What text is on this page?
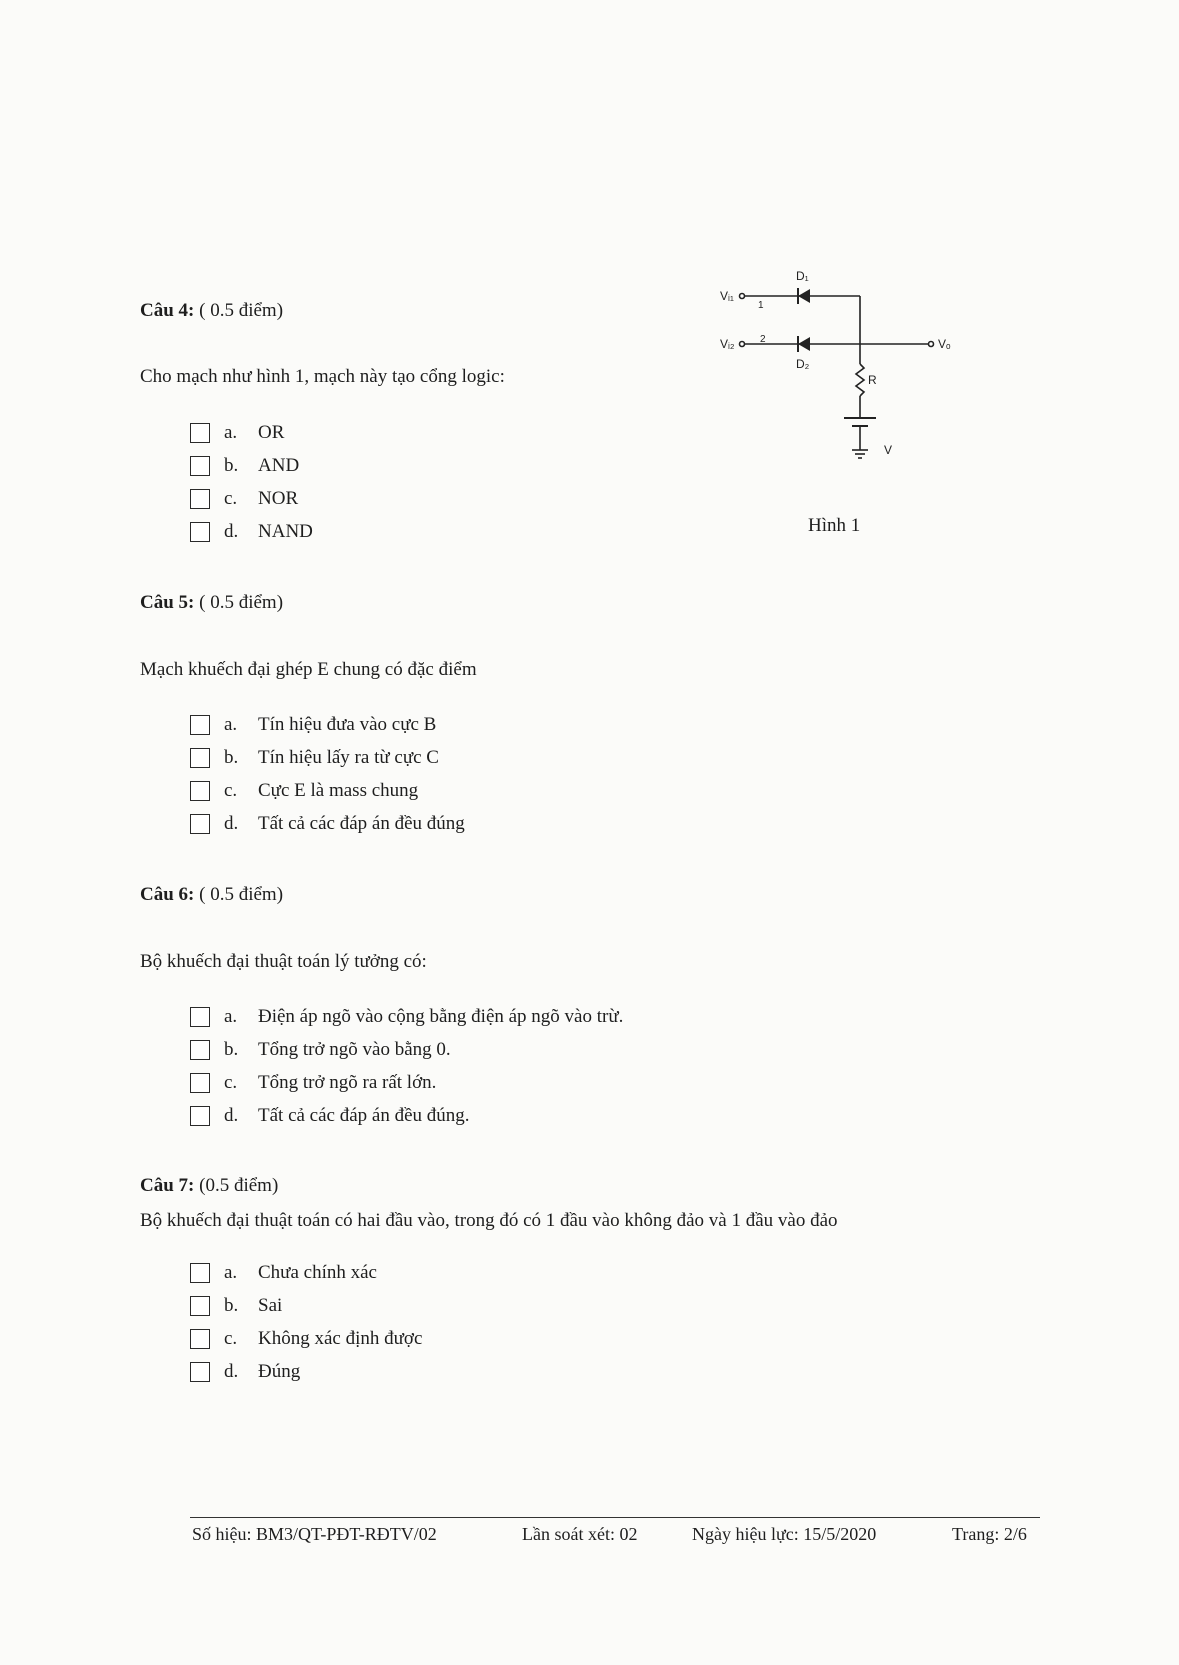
Câu 4: ( 0.5 điểm)
Cho mạch như hình 1, mạch này tạo cổng logic:
a.	OR
b.	AND
c.	NOR
d.	NAND
D₁
D₂
Vᵢ₁
Vᵢ₂
1
2	Vₒ
R
V
Hình 1
Câu 5: ( 0.5 điểm)
Mạch khuếch đại ghép E chung có đặc điểm
a.	Tín hiệu đưa vào cực B
b.	Tín hiệu lấy ra từ cực C
c.	Cực E là mass chung
d.	Tất cả các đáp án đều đúng
Câu 6: ( 0.5 điểm)
Bộ khuếch đại thuật toán lý tưởng có:
a.	Điện áp ngõ vào cộng bằng điện áp ngõ vào trừ.
b.	Tổng trở ngõ vào bằng 0.
c.	Tổng trở ngõ ra rất lớn.
d.	Tất cả các đáp án đều đúng.
Câu 7: (0.5 điểm)
Bộ khuếch đại thuật toán có hai đầu vào, trong đó có 1 đầu vào không đảo và 1 đầu vào đảo
a.	Chưa chính xác
b.	Sai
c.	Không xác định được
d.	Đúng
Số hiệu: BM3/QT-PĐT-RĐTV/02	Lần soát xét: 02	Ngày hiệu lực: 15/5/2020	Trang: 2/6
